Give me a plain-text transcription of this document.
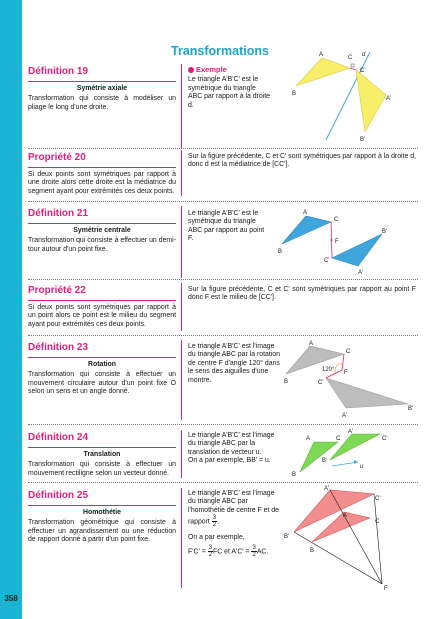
358
Transformations
Définition 19
Symétrie axiale
Transformation qui consiste à modéliser un pliage le long d'une droite.
Exemple
Le triangle A'B'C' est le symétrique du triangle ABC par rapport à la droite d.
A
B
C d
C'
A'
B'
Propriété 20
Si deux points sont symétriques par rapport à une droite alors cette droite est la médiatrice du segment ayant pour extrémités ces deux points.
Sur la figure précédente, C et C' sont symétriques par rapport à la droite d, donc d est la médiatrice de [CC'].
Définition 21
Symétrie centrale
Transformation qui consiste à effectuer un demi-tour autour d'un point fixe.
Le triangle A'B'C' est le symétrique du triangle ABC par rapport au point F.
A
B
C
F
B'
C'
A'
Propriété 22
Si deux points sont symétriques par rapport à un point alors ce point est le milieu du segment ayant pour extrémités ces deux points.
Sur la figure précédente, C et C' sont symétriques par rapport au point F donc F est le milieu de [CC'].
Définition 23
Rotation
Transformation qui consiste à effectuer un mouvement circulaire autour d'un point fixe O selon un sens et un angle donné.
Le triangle A'B'C' est l'image du triangle ABC par la rotation de centre F d'angle 120° dans le sens des aiguilles d'une montre.
A
B
C
120° F
C'
B'
A'
Définition 24
Translation
Transformation qui consiste à effectuer un mouvement rectiligne selon un vecteur donné.
Le triangle A'B'C' est l'image du triangle ABC par la translation de vecteur u.
On a par exemple, BB' = u.
A
B
C
A'
C'
B'
u
Définition 25
Homothétie
Transformation géométrique qui consiste à effectuer un agrandissement ou une réduction de rapport donné à partir d'un point fixe.
Le triangle A'B'C' est l'image du triangle ABC par l'homothétie de centre F et de rapport $\frac{3}{2}$ .
On a par exemple,
$F'C' = \frac{3}{2}$ FC et $A'C' = \frac{3}{2}$ AC.
A'
C'
B'
A
C
B
F
